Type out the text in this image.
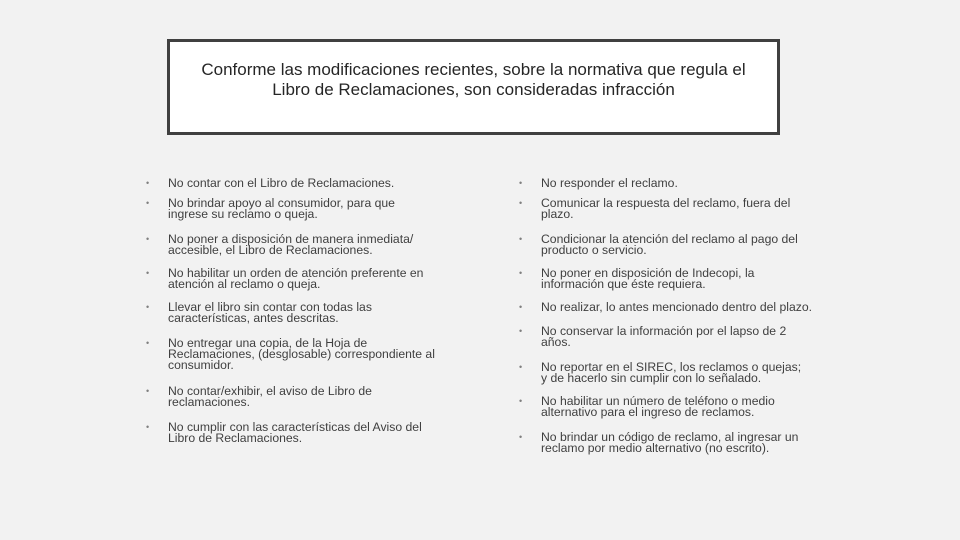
Conforme las modificaciones recientes, sobre la normativa que regula el
Libro de Reclamaciones, son consideradas infracción
• No contar con el Libro de Reclamaciones.
• No brindar apoyo al consumidor, para que
ingrese su reclamo o queja.
• No poner a disposición de manera inmediata/
accesible, el Libro de Reclamaciones.
• No habilitar un orden de atención preferente en
atención al reclamo o queja.
• Llevar el libro sin contar con todas las
características, antes descritas.
• No entregar una copia, de la Hoja de
Reclamaciones, (desglosable) correspondiente al
consumidor.
• No contar/exhibir, el aviso de Libro de
reclamaciones.
• No cumplir con las características del Aviso del
Libro de Reclamaciones.
• No responder el reclamo.
• Comunicar la respuesta del reclamo, fuera del
plazo.
• Condicionar la atención del reclamo al pago del
producto o servicio.
• No poner en disposición de Indecopi, la
información que éste requiera.
• No realizar, lo antes mencionado dentro del plazo.
• No conservar la información por el lapso de 2
años.
• No reportar en el SIREC, los reclamos o quejas;
y de hacerlo sin cumplir con lo señalado.
• No habilitar un número de teléfono o medio
alternativo para el ingreso de reclamos.
• No brindar un código de reclamo, al ingresar un
reclamo por medio alternativo (no escrito).
